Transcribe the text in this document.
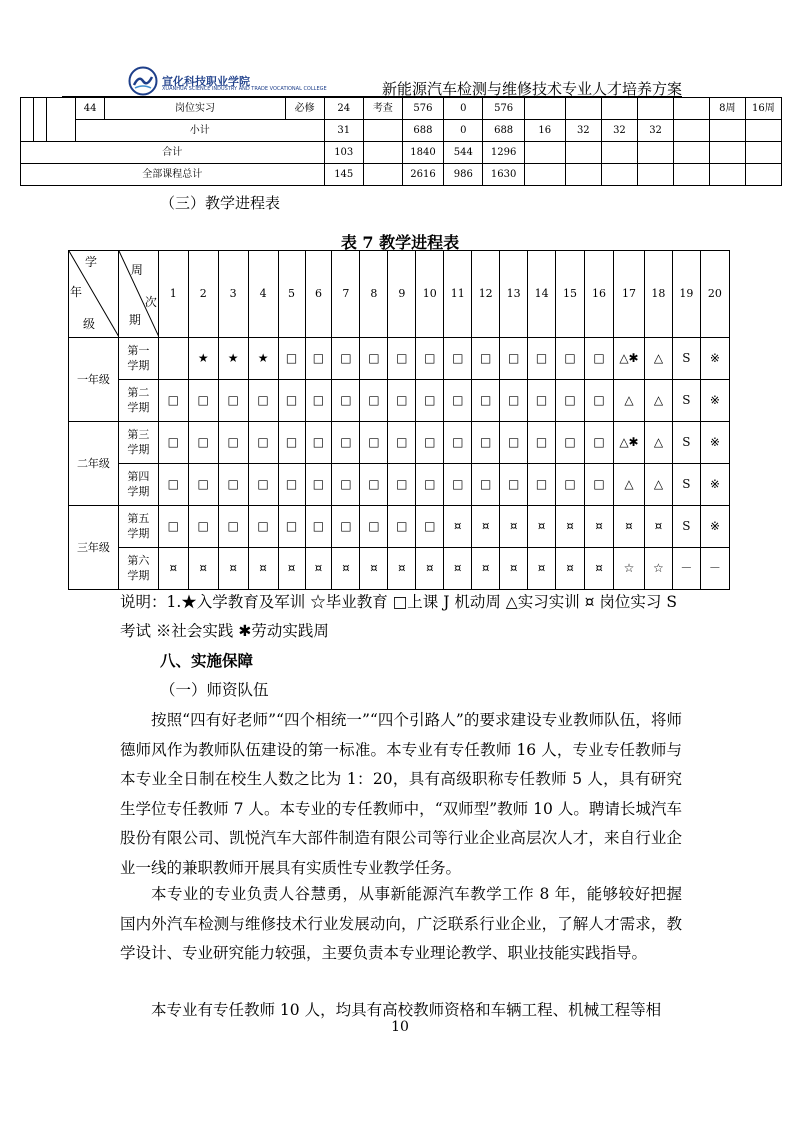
宣化科技职业学院
XUANHUA SCIENCE INDUSTRY AND TRADE VOCATIONAL COLLEGE	新能源汽车检测与维修技术专业人才培养方案
			44	岗位实习	必修	24	考查	576	0	576						8周	16周
			小计			31		688	0	688	16	32	32	32			
合计						103		1840	544	1296							
全部课程总计						145		2616	986	1630							
（三）教学进程表
表 7 教学进程表
学
年
级	周
次
期	1	2	3	4	5	6	7	8	9	10	11	12	13	14	15	16	17	18	19	20
一年级	第一
学期		★	★	★	□	□	□	□	□	□	□	□	□	□	□	□	△✱	△	S	※
	第二
学期	□	□	□	□	□	□	□	□	□	□	□	□	□	□	□	□	△	△	S	※
二年级	第三
学期	□	□	□	□	□	□	□	□	□	□	□	□	□	□	□	□	△✱	△	S	※
	第四
学期	□	□	□	□	□	□	□	□	□	□	□	□	□	□	□	□	△	△	S	※
三年级	第五
学期	□	□	□	□	□	□	□	□	□	□	¤	¤	¤	¤	¤	¤	¤	¤	S	※
	第六
学期	¤	¤	¤	¤	¤	¤	¤	¤	¤	¤	¤	¤	¤	¤	¤	¤	☆	☆	－	－
说明：1.★入学教育及军训 ☆毕业教育 □上课 J 机动周 △实习实训 ¤ 岗位实习 S
考试 ※社会实践 ✱劳动实践周
八、实施保障
（一）师资队伍
按照“四有好老师”“四个相统一”“四个引路人”的要求建设专业教师队伍，将师德师风作为教师队伍建设的第一标准。本专业有专任教师 16 人，专业专任教师与本专业全日制在校生人数之比为 1：20，具有高级职称专任教师 5 人，具有研究生学位专任教师 7 人。本专业的专任教师中，“双师型”教师 10 人。聘请长城汽车股份有限公司、凯悦汽车大部件制造有限公司等行业企业高层次人才，来自行业企业一线的兼职教师开展具有实质性专业教学任务。
本专业的专业负责人谷慧勇，从事新能源汽车教学工作 8 年，能够较好把握国内外汽车检测与维修技术行业发展动向，广泛联系行业企业，了解人才需求，教学设计、专业研究能力较强，主要负责本专业理论教学、职业技能实践指导。
本专业有专任教师 10 人，均具有高校教师资格和车辆工程、机械工程等相
10
